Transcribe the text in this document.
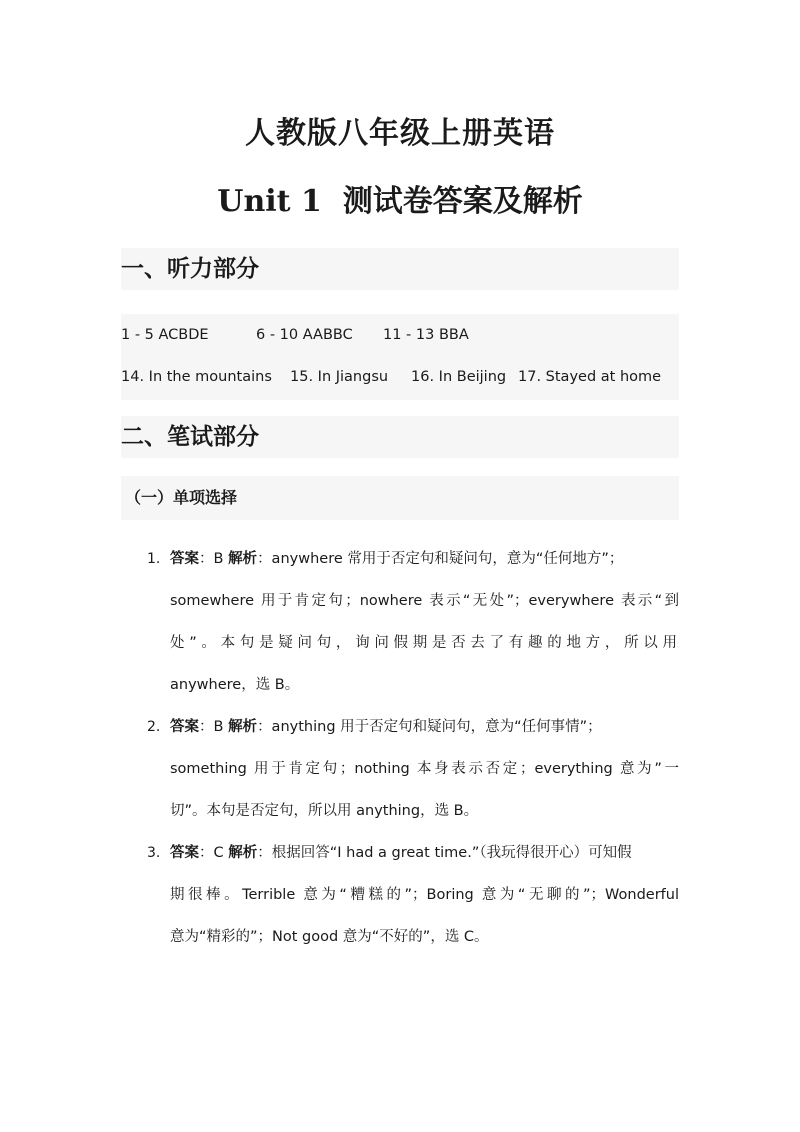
人教版八年级上册英语
Unit 1 测试卷答案及解析
一、听力部分
1 - 5 ACBDE	6 - 10 AABBC 11 - 13 BBA
14. In the mountains 15. In Jiangsu 16. In Beijing 17. Stayed at home
二、笔试部分
（一）单项选择
1. 答案：B 解析：anywhere 常用于否定句和疑问句，意为“任何地方”；
somewhere 用于肯定句；nowhere 表示“无处”；everywhere 表示“到
处”。本句是疑问句，询问假期是否去了有趣的地方，所以用
anywhere，选 B。
2. 答案：B 解析：anything 用于否定句和疑问句，意为“任何事情”；
something 用于肯定句；nothing 本身表示否定；everything 意为”一
切”。本句是否定句，所以用 anything，选 B。
3. 答案：C 解析：根据回答“I had a great time.”（我玩得很开心）可知假
期很棒。Terrible 意为“糟糕的”；Boring 意为“无聊的”；Wonderful
意为“精彩的”；Not good 意为“不好的”，选 C。
